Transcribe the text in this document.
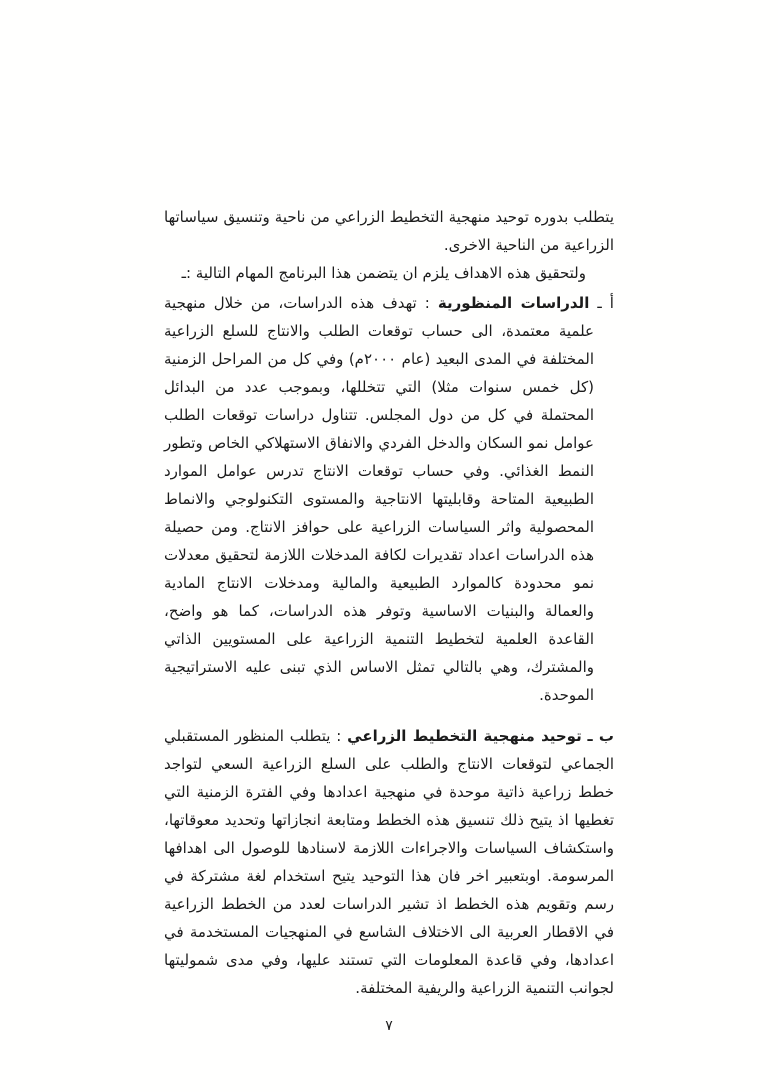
يتطلب بدوره توحيد منهجية التخطيط الزراعي من ناحية وتنسيق سياساتها الزراعية من الناحية الاخرى.

ولتحقيق هذه الاهداف يلزم ان يتضمن هذا البرنامج المهام التالية :ـ

أ ـ الدراسات المنظورية : تهدف هذه الدراسات، من خلال منهجية علمية معتمدة، الى حساب توقعات الطلب والانتاج للسلع الزراعية المختلفة في المدى البعيد (عام ٢٠٠٠م) وفي كل من المراحل الزمنية (كل خمس سنوات مثلا) التي تتخللها، وبموجب عدد من البدائل المحتملة في كل من دول المجلس. تتناول دراسات توقعات الطلب عوامل نمو السكان والدخل الفردي والانفاق الاستهلاكي الخاص وتطور النمط الغذائي. وفي حساب توقعات الانتاج تدرس عوامل الموارد الطبيعية المتاحة وقابليتها الانتاجية والمستوى التكنولوجي والانماط المحصولية واثر السياسات الزراعية على حوافز الانتاج. ومن حصيلة هذه الدراسات اعداد تقديرات لكافة المدخلات اللازمة لتحقيق معدلات نمو محدودة كالموارد الطبيعية والمالية ومدخلات الانتاج المادية والعمالة والبنيات الاساسية وتوفر هذه الدراسات، كما هو واضح، القاعدة العلمية لتخطيط التنمية الزراعية على المستويين الذاتي والمشترك، وهي بالتالي تمثل الاساس الذي تبنى عليه الاستراتيجية الموحدة.

ب ـ توحيد منهجية التخطيط الزراعي : يتطلب المنظور المستقبلي الجماعي لتوقعات الانتاج والطلب على السلع الزراعية السعي لتواجد خطط زراعية ذاتية موحدة في منهجية اعدادها وفي الفترة الزمنية التي تغطيها اذ يتيح ذلك تنسيق هذه الخطط ومتابعة انجازاتها وتحديد معوقاتها، واستكشاف السياسات والاجراءات اللازمة لاسنادها للوصول الى اهدافها المرسومة. اوبتعبير اخر فان هذا التوحيد يتيح استخدام لغة مشتركة في رسم وتقويم هذه الخطط اذ تشير الدراسات لعدد من الخطط الزراعية في الاقطار العربية الى الاختلاف الشاسع في المنهجيات المستخدمة في اعدادها، وفي قاعدة المعلومات التي تستند عليها، وفي مدى شموليتها لجوانب التنمية الزراعية والريفية المختلفة.

٧
